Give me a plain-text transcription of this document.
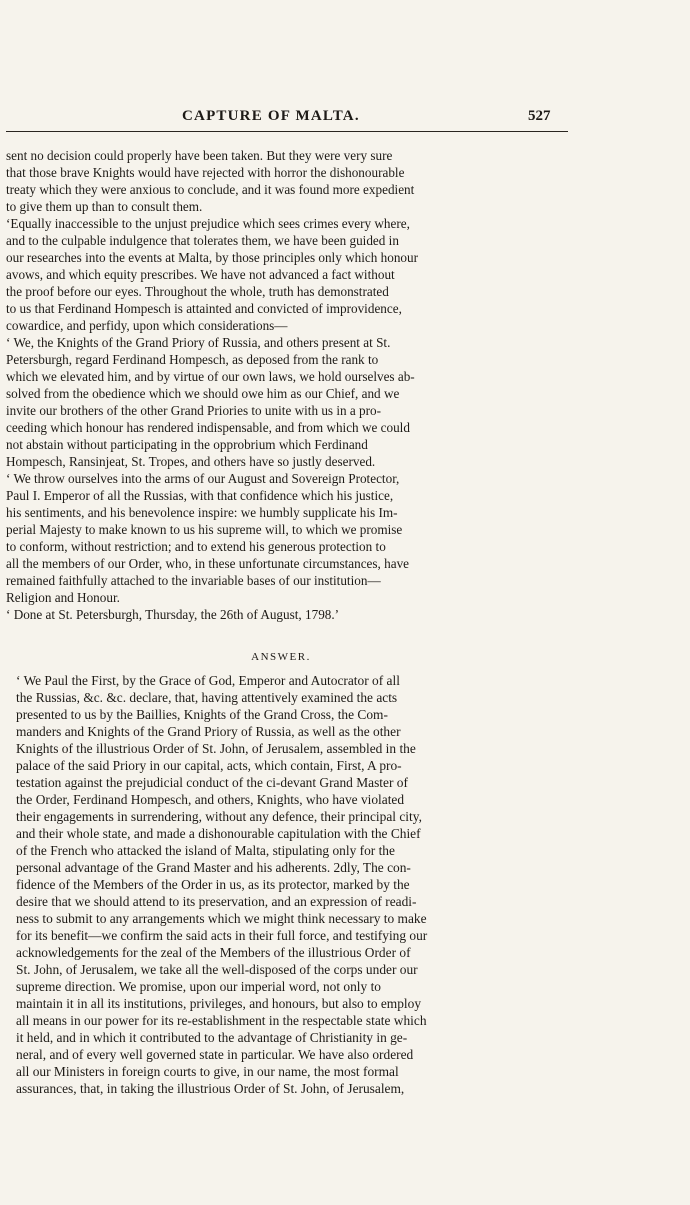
CAPTURE OF MALTA.	527
sent no decision could properly have been taken. But they were very sure
that those brave Knights would have rejected with horror the dishonourable
treaty which they were anxious to conclude, and it was found more expedient
to give them up than to consult them.
‘Equally inaccessible to the unjust prejudice which sees crimes every where,
and to the culpable indulgence that tolerates them, we have been guided in
our researches into the events at Malta, by those principles only which honour
avows, and which equity prescribes. We have not advanced a fact without
the proof before our eyes. Throughout the whole, truth has demonstrated
to us that Ferdinand Hompesch is attainted and convicted of improvidence,
cowardice, and perfidy, upon which considerations—
‘ We, the Knights of the Grand Priory of Russia, and others present at St.
Petersburgh, regard Ferdinand Hompesch, as deposed from the rank to
which we elevated him, and by virtue of our own laws, we hold ourselves ab-
solved from the obedience which we should owe him as our Chief, and we
invite our brothers of the other Grand Priories to unite with us in a pro-
ceeding which honour has rendered indispensable, and from which we could
not abstain without participating in the opprobrium which Ferdinand
Hompesch, Ransinjeat, St. Tropes, and others have so justly deserved.
‘ We throw ourselves into the arms of our August and Sovereign Protector,
Paul I. Emperor of all the Russias, with that confidence which his justice,
his sentiments, and his benevolence inspire: we humbly supplicate his Im-
perial Majesty to make known to us his supreme will, to which we promise
to conform, without restriction; and to extend his generous protection to
all the members of our Order, who, in these unfortunate circumstances, have
remained faithfully attached to the invariable bases of our institution—
Religion and Honour.
‘ Done at St. Petersburgh, Thursday, the 26th of August, 1798.’
ANSWER.
‘ We Paul the First, by the Grace of God, Emperor and Autocrator of all
the Russias, &c. &c. declare, that, having attentively examined the acts
presented to us by the Baillies, Knights of the Grand Cross, the Com-
manders and Knights of the Grand Priory of Russia, as well as the other
Knights of the illustrious Order of St. John, of Jerusalem, assembled in the
palace of the said Priory in our capital, acts, which contain, First, A pro-
testation against the prejudicial conduct of the ci-devant Grand Master of
the Order, Ferdinand Hompesch, and others, Knights, who have violated
their engagements in surrendering, without any defence, their principal city,
and their whole state, and made a dishonourable capitulation with the Chief
of the French who attacked the island of Malta, stipulating only for the
personal advantage of the Grand Master and his adherents. 2dly, The con-
fidence of the Members of the Order in us, as its protector, marked by the
desire that we should attend to its preservation, and an expression of readi-
ness to submit to any arrangements which we might think necessary to make
for its benefit—we confirm the said acts in their full force, and testifying our
acknowledgements for the zeal of the Members of the illustrious Order of
St. John, of Jerusalem, we take all the well-disposed of the corps under our
supreme direction. We promise, upon our imperial word, not only to
maintain it in all its institutions, privileges, and honours, but also to employ
all means in our power for its re-establishment in the respectable state which
it held, and in which it contributed to the advantage of Christianity in ge-
neral, and of every well governed state in particular. We have also ordered
all our Ministers in foreign courts to give, in our name, the most formal
assurances, that, in taking the illustrious Order of St. John, of Jerusalem,
